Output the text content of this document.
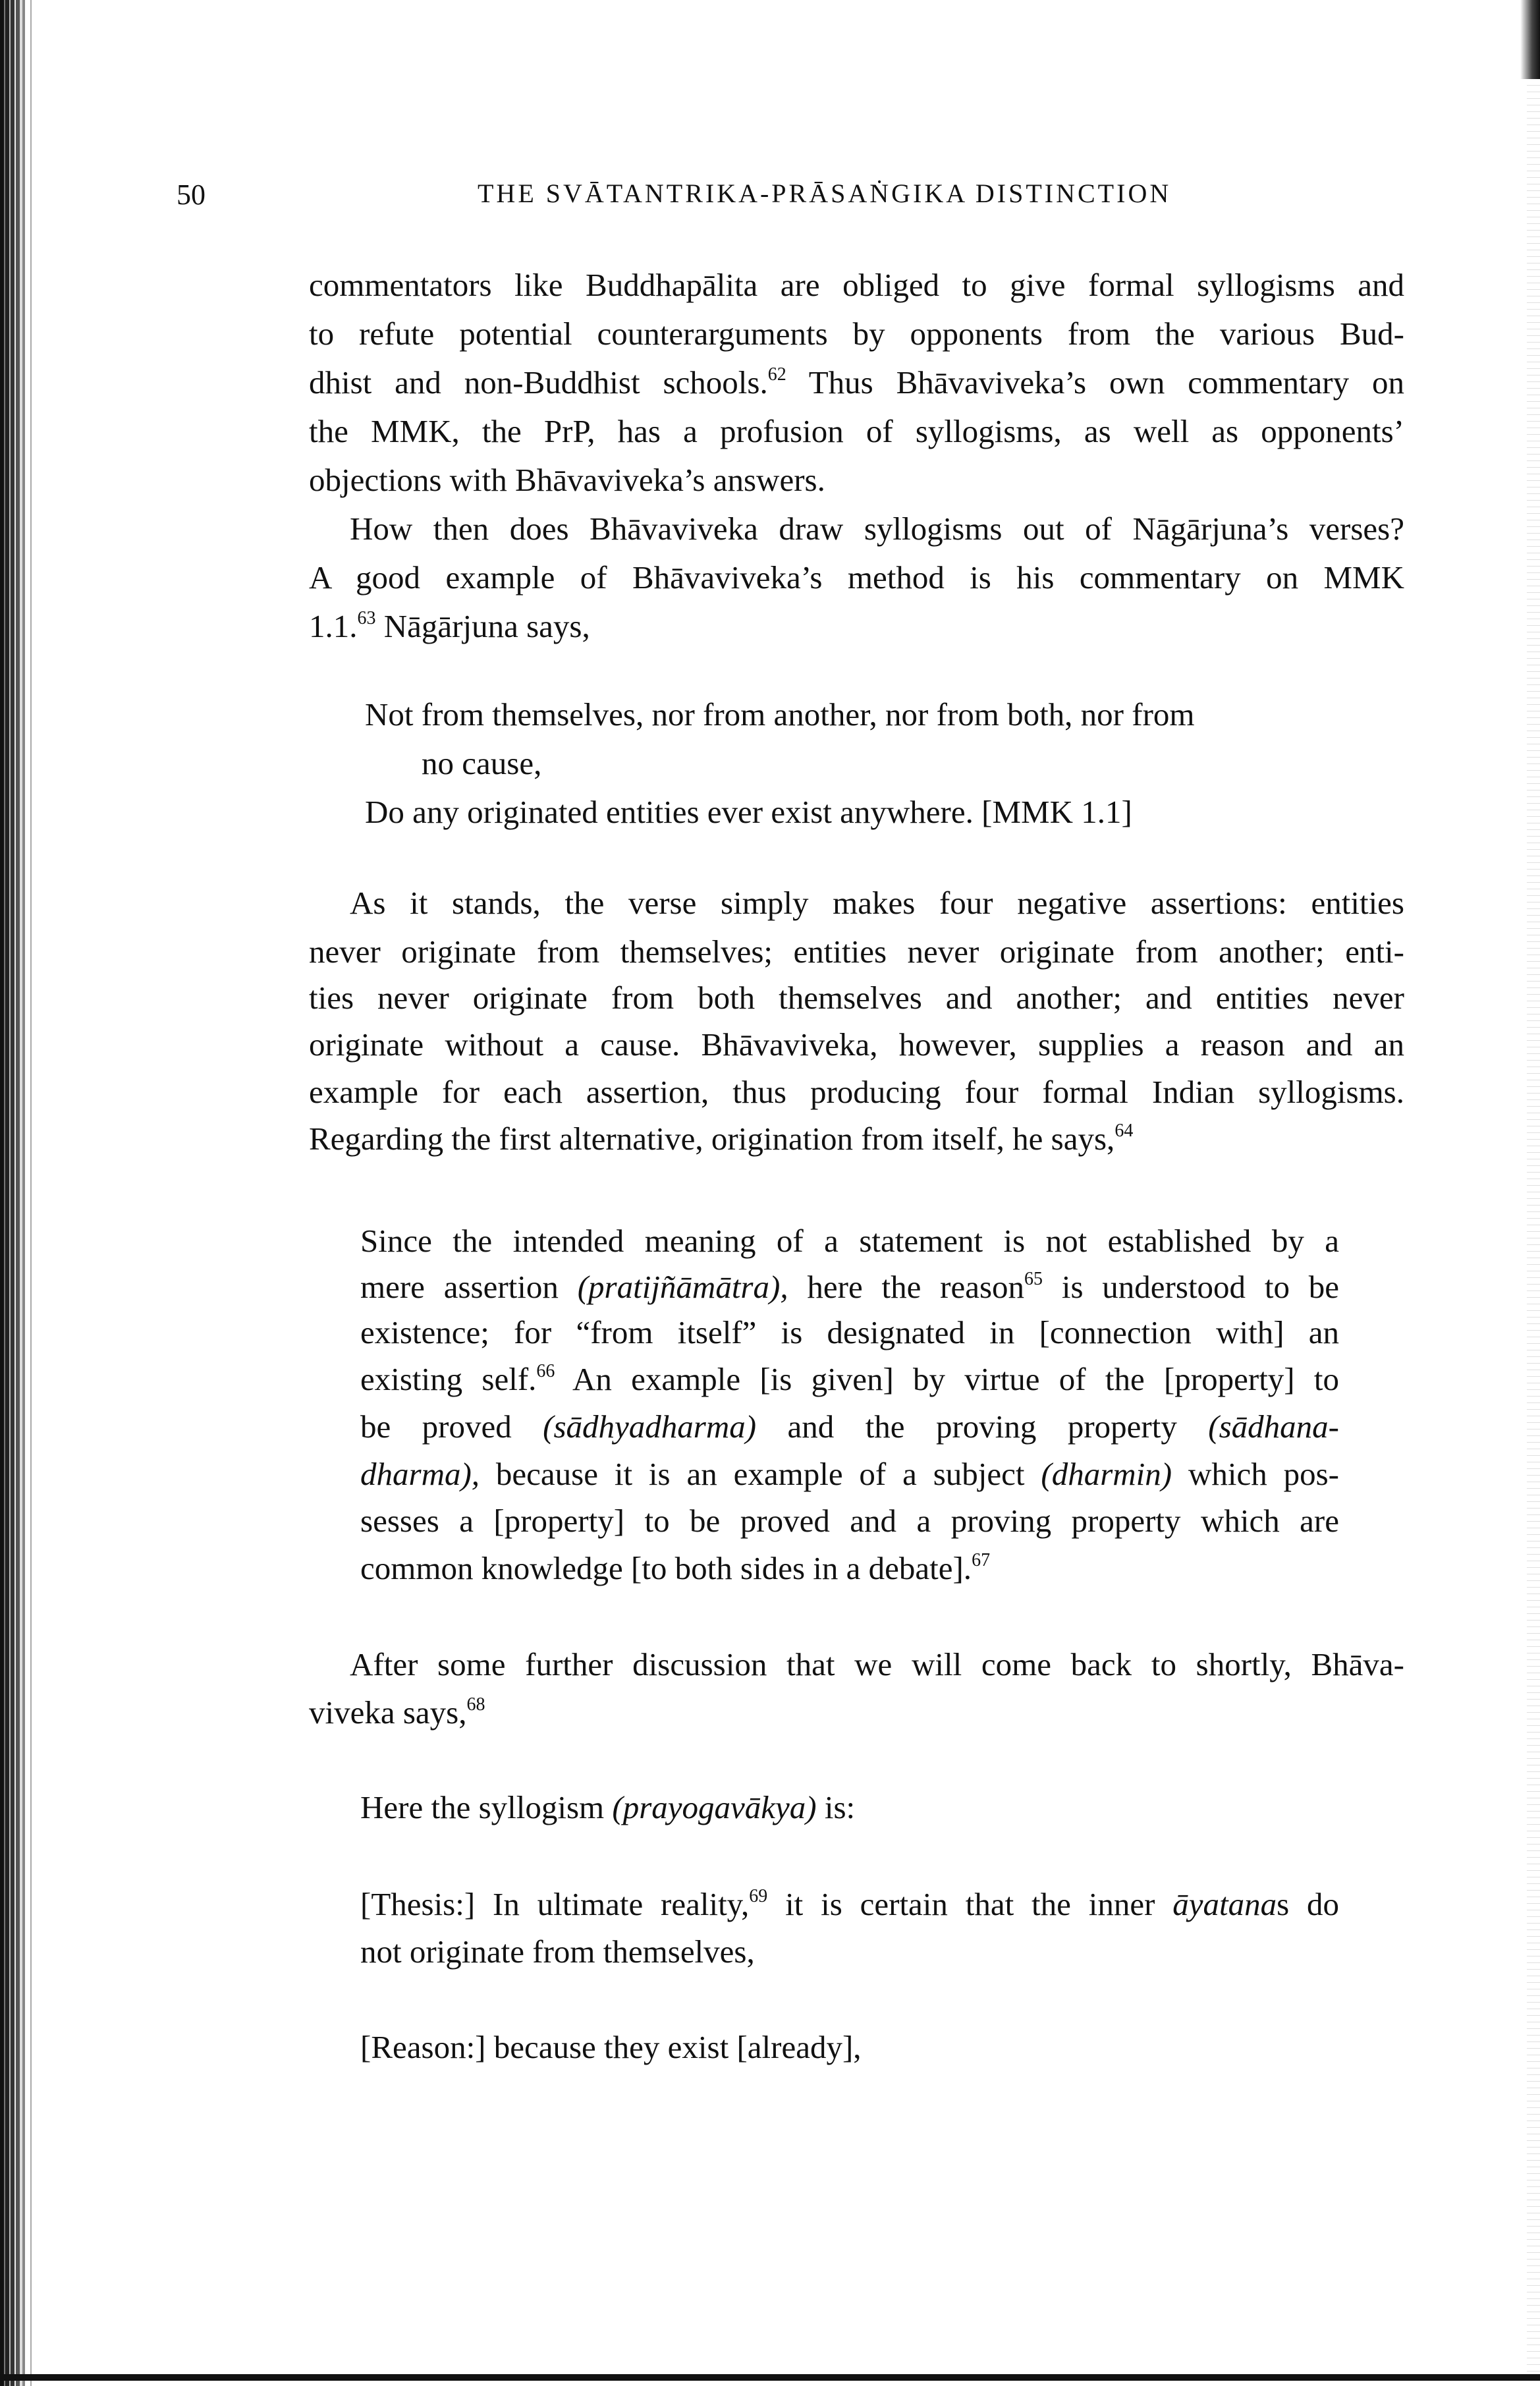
50	THE SVĀTANTRIKA-PRĀSAṄGIKA DISTINCTION
commentators like Buddhapālita are obliged to give formal syllogisms and
to refute potential counterarguments by opponents from the various Bud-
dhist and non-Buddhist schools.$^{62}$ Thus Bhāvaviveka’s own commentary on
the MMK, the PrP, has a profusion of syllogisms, as well as opponents’
objections with Bhāvaviveka’s answers.
How then does Bhāvaviveka draw syllogisms out of Nāgārjuna’s verses?
A good example of Bhāvaviveka’s method is his commentary on MMK
1.1.63 Nāgārjuna says,
Not from themselves, nor from another, nor from both, nor from
no cause,
Do any originated entities ever exist anywhere. [MMK 1.1]
As it stands, the verse simply makes four negative assertions: entities
never originate from themselves; entities never originate from another; enti-
ties never originate from both themselves and another; and entities never
originate without a cause. Bhāvaviveka, however, supplies a reason and an
example for each assertion, thus producing four formal Indian syllogisms.
Regarding the first alternative, origination from itself, he says,$^{64}$
Since the intended meaning of a statement is not established by a
mere assertion (pratijñāmātra), here the reason$^{65}$ is understood to be
existence; for “from itself” is designated in [connection with] an
existing self.$^{66}$ An example [is given] by virtue of the [property] to
be proved (sādhyadharma) and the proving property (sādhana-
dharma), because it is an example of a subject (dharmin) which pos-
sesses a [property] to be proved and a proving property which are
common knowledge [to both sides in a debate].$^{67}$
After some further discussion that we will come back to shortly, Bhāva-
viveka says,$^{68}$
Here the syllogism (prayogavākya) is:
[Thesis:] In ultimate reality,$^{69}$ it is certain that the inner āyatanas do
not originate from themselves,
[Reason:] because they exist [already],
